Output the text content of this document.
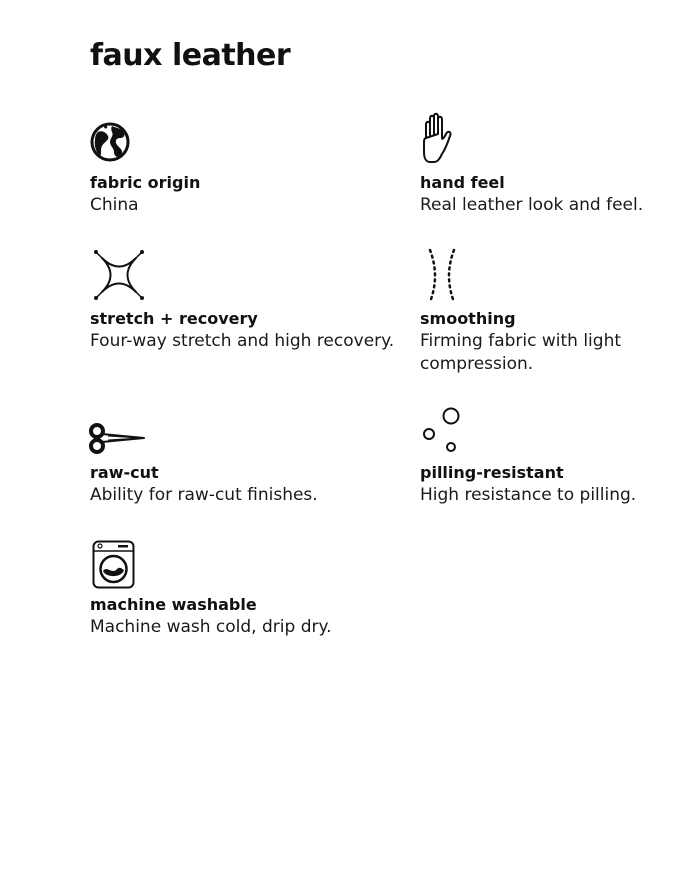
faux leather
fabric origin
China
hand feel
Real leather look and feel.
stretch + recovery
Four-way stretch and high recovery.
smoothing
Firming fabric with light compression.
raw-cut
Ability for raw-cut finishes.
pilling-resistant
High resistance to pilling.
machine washable
Machine wash cold, drip dry.
